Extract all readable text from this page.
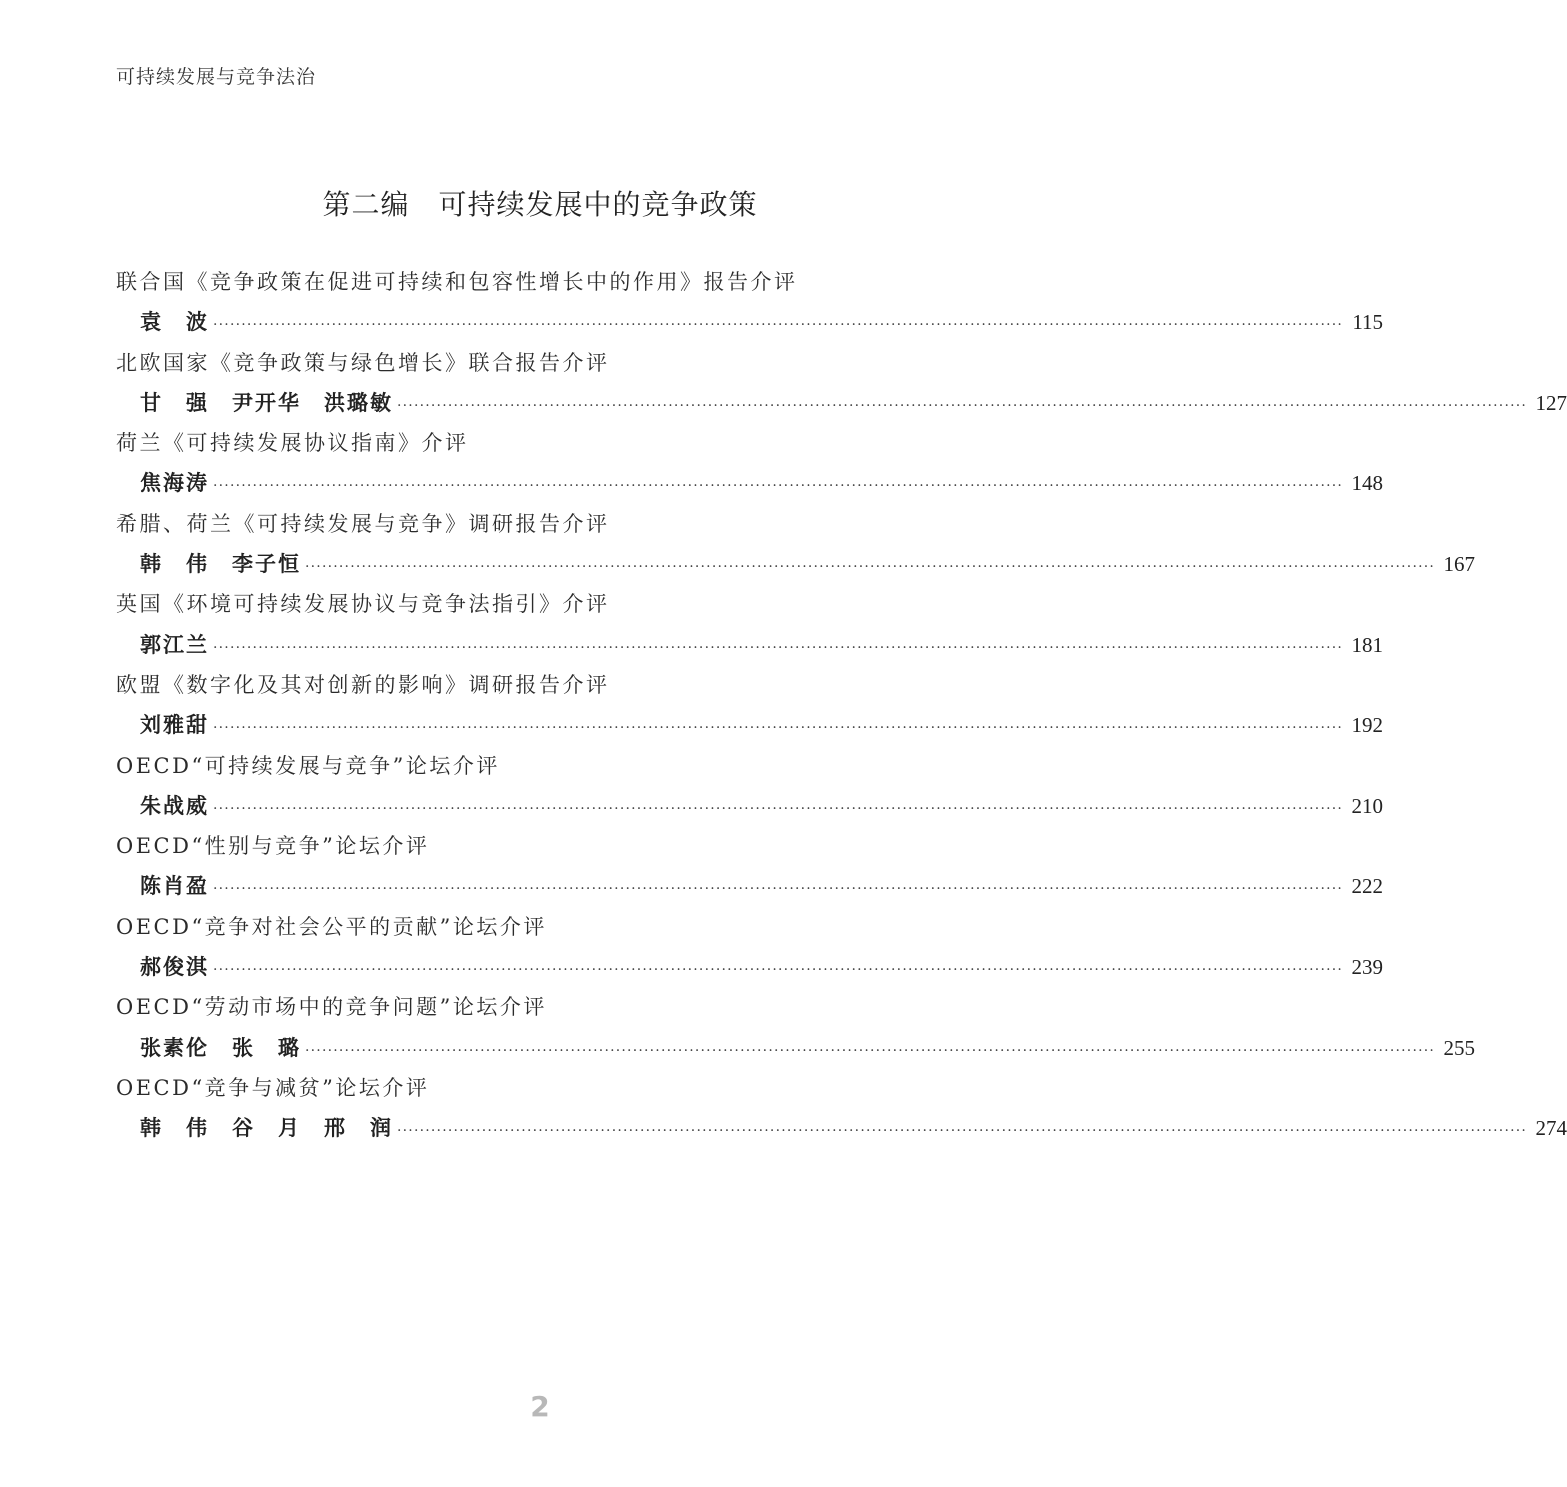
可持续发展与竞争法治
第二编　可持续发展中的竞争政策
联合国《竞争政策在促进可持续和包容性增长中的作用》报告介评
袁　波 ········································································································································································································ 115
北欧国家《竞争政策与绿色增长》联合报告介评
甘　强　尹开华　洪璐敏 ········································································································································································································ 127
荷兰《可持续发展协议指南》介评
焦海涛 ········································································································································································································ 148
希腊、荷兰《可持续发展与竞争》调研报告介评
韩　伟　李子恒 ········································································································································································································ 167
英国《环境可持续发展协议与竞争法指引》介评
郭江兰 ········································································································································································································ 181
欧盟《数字化及其对创新的影响》调研报告介评
刘雅甜 ········································································································································································································ 192
OECD“可持续发展与竞争”论坛介评
朱战威 ········································································································································································································ 210
OECD“性别与竞争”论坛介评
陈肖盈 ········································································································································································································ 222
OECD“竞争对社会公平的贡献”论坛介评
郝俊淇 ········································································································································································································ 239
OECD“劳动市场中的竞争问题”论坛介评
张素伦　张　璐 ········································································································································································································ 255
OECD“竞争与减贫”论坛介评
韩　伟　谷　月　邢　润 ········································································································································································································ 274
2
